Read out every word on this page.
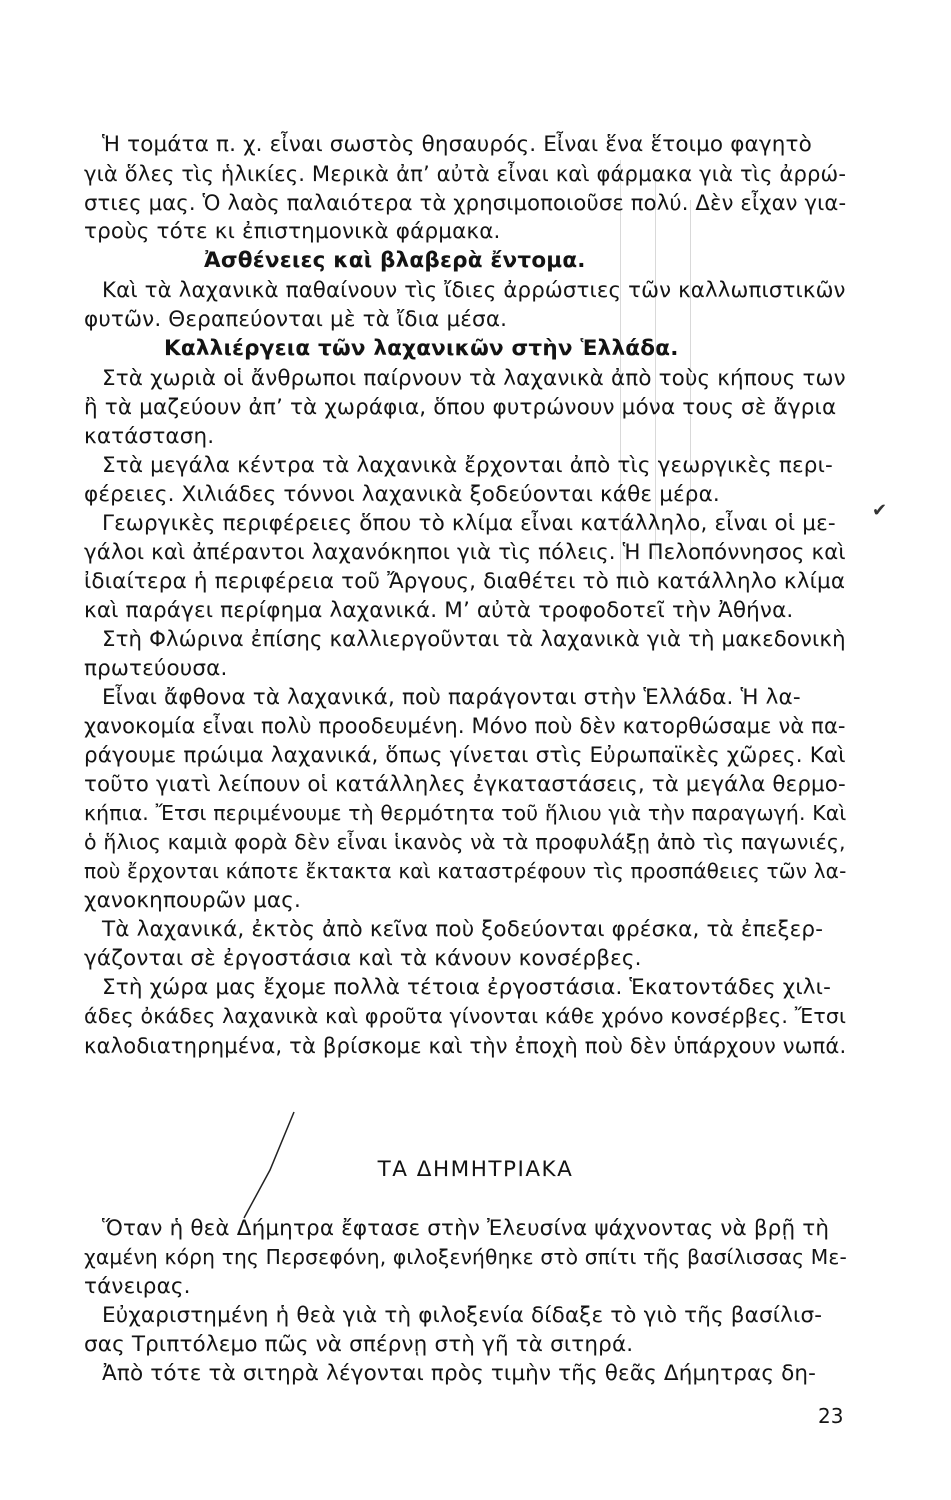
Ἡ τομάτα π. χ. εἶναι σωστὸς θησαυρός. Εἶναι ἕνα ἕτοιμο φαγητὸ
γιὰ ὅλες τὶς ἡλικίες. Μερικὰ ἀπ’ αὐτὰ εἶναι καὶ φάρμακα γιὰ τὶς ἀρρώ-
στιες μας. Ὁ λαὸς παλαιότερα τὰ χρησιμοποιοῦσε πολύ. Δὲν εἶχαν για-
τροὺς τότε κι ἐπιστημονικὰ φάρμακα.
Ἀσθένειες καὶ βλαβερὰ ἔντομα.
Καὶ τὰ λαχανικὰ παθαίνουν τὶς ἴδιες ἀρρώστιες τῶν καλλωπιστικῶν
φυτῶν. Θεραπεύονται μὲ τὰ ἴδια μέσα.
Καλλιέργεια τῶν λαχανικῶν στὴν Ἑλλάδα.
Στὰ χωριὰ οἱ ἄνθρωποι παίρνουν τὰ λαχανικὰ ἀπὸ τοὺς κήπους των
ἢ τὰ μαζεύουν ἀπ’ τὰ χωράφια, ὅπου φυτρώνουν μόνα τους σὲ ἄγρια
κατάσταση.
Στὰ μεγάλα κέντρα τὰ λαχανικὰ ἔρχονται ἀπὸ τὶς γεωργικὲς περι-
φέρειες. Χιλιάδες τόννοι λαχανικὰ ξοδεύονται κάθε μέρα.
Γεωργικὲς περιφέρειες ὅπου τὸ κλίμα εἶναι κατάλληλο, εἶναι οἱ με-
γάλοι καὶ ἀπέραντοι λαχανόκηποι γιὰ τὶς πόλεις. Ἡ Πελοπόννησος καὶ
ἰδιαίτερα ἡ περιφέρεια τοῦ Ἄργους, διαθέτει τὸ πιὸ κατάλληλο κλίμα
καὶ παράγει περίφημα λαχανικά. Μ’ αὐτὰ τροφοδοτεῖ τὴν Ἀθήνα.
Στὴ Φλώρινα ἐπίσης καλλιεργοῦνται τὰ λαχανικὰ γιὰ τὴ μακεδονικὴ
πρωτεύουσα.
Εἶναι ἄφθονα τὰ λαχανικά, ποὺ παράγονται στὴν Ἑλλάδα. Ἡ λα-
χανοκομία εἶναι πολὺ προοδευμένη. Μόνο ποὺ δὲν κατορθώσαμε νὰ πα-
ράγουμε πρώιμα λαχανικά, ὅπως γίνεται στὶς Εὐρωπαϊκὲς χῶρες. Καὶ
τοῦτο γιατὶ λείπουν οἱ κατάλληλες ἐγκαταστάσεις, τὰ μεγάλα θερμο-
κήπια. Ἔτσι περιμένουμε τὴ θερμότητα τοῦ ἥλιου γιὰ τὴν παραγωγή. Καὶ
ὁ ἥλιος καμιὰ φορὰ δὲν εἶναι ἱκανὸς νὰ τὰ προφυλάξῃ ἀπὸ τὶς παγωνιές,
ποὺ ἔρχονται κάποτε ἔκτακτα καὶ καταστρέφουν τὶς προσπάθειες τῶν λα-
χανοκηπουρῶν μας.
Τὰ λαχανικά, ἐκτὸς ἀπὸ κεῖνα ποὺ ξοδεύονται φρέσκα, τὰ ἐπεξερ-
γάζονται σὲ ἐργοστάσια καὶ τὰ κάνουν κονσέρβες.
Στὴ χώρα μας ἔχομε πολλὰ τέτοια ἐργοστάσια. Ἑκατοντάδες χιλι-
άδες ὀκάδες λαχανικὰ καὶ φροῦτα γίνονται κάθε χρόνο κονσέρβες. Ἔτσι
καλοδιατηρημένα, τὰ βρίσκομε καὶ τὴν ἐποχὴ ποὺ δὲν ὑπάρχουν νωπά.
✔
ΤΑ ΔΗΜΗΤΡΙΑΚΑ
Ὅταν ἡ θεὰ Δήμητρα ἔφτασε στὴν Ἐλευσίνα ψάχνοντας νὰ βρῇ τὴ
χαμένη κόρη της Περσεφόνη, φιλοξενήθηκε στὸ σπίτι τῆς βασίλισσας Με-
τάνειρας.
Εὐχαριστημένη ἡ θεὰ γιὰ τὴ φιλοξενία δίδαξε τὸ γιὸ τῆς βασίλισ-
σας Τριπτόλεμο πῶς νὰ σπέρνῃ στὴ γῆ τὰ σιτηρά.
Ἀπὸ τότε τὰ σιτηρὰ λέγονται πρὸς τιμὴν τῆς θεᾶς Δήμητρας δη-
23
